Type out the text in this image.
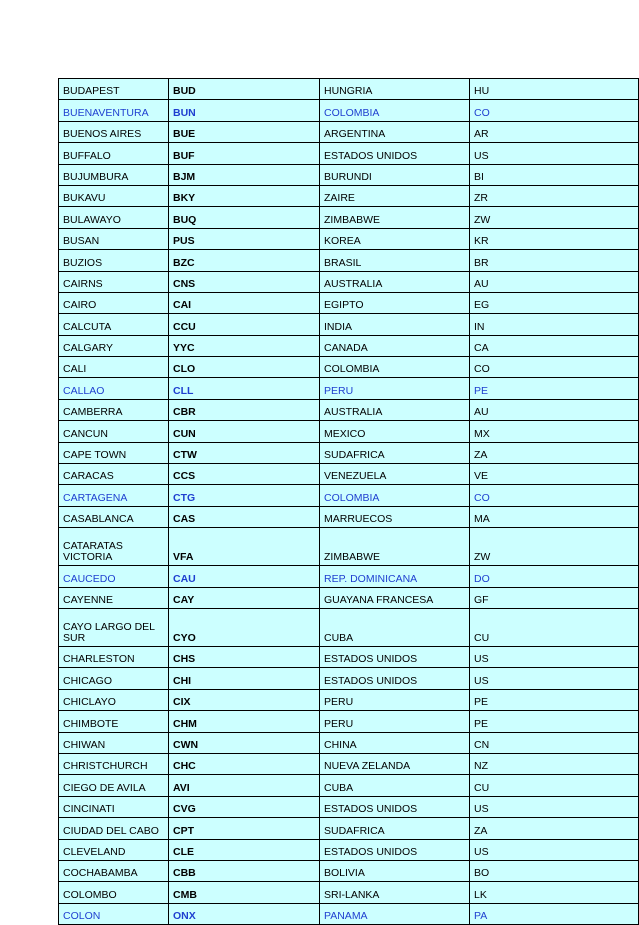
BUDAPEST	BUD	HUNGRIA	HU
BUENAVENTURA	BUN	COLOMBIA	CO
BUENOS AIRES	BUE	ARGENTINA	AR
BUFFALO	BUF	ESTADOS UNIDOS	US
BUJUMBURA	BJM	BURUNDI	BI
BUKAVU	BKY	ZAIRE	ZR
BULAWAYO	BUQ	ZIMBABWE	ZW
BUSAN	PUS	KOREA	KR
BUZIOS	BZC	BRASIL	BR
CAIRNS	CNS	AUSTRALIA	AU
CAIRO	CAI	EGIPTO	EG
CALCUTA	CCU	INDIA	IN
CALGARY	YYC	CANADA	CA
CALI	CLO	COLOMBIA	CO
CALLAO	CLL	PERU	PE
CAMBERRA	CBR	AUSTRALIA	AU
CANCUN	CUN	MEXICO	MX
CAPE TOWN	CTW	SUDAFRICA	ZA
CARACAS	CCS	VENEZUELA	VE
CARTAGENA	CTG	COLOMBIA	CO
CASABLANCA	CAS	MARRUECOS	MA
CATARATAS VICTORIA	VFA	ZIMBABWE	ZW
CAUCEDO	CAU	REP. DOMINICANA	DO
CAYENNE	CAY	GUAYANA FRANCESA	GF
CAYO LARGO DEL SUR	CYO	CUBA	CU
CHARLESTON	CHS	ESTADOS UNIDOS	US
CHICAGO	CHI	ESTADOS UNIDOS	US
CHICLAYO	CIX	PERU	PE
CHIMBOTE	CHM	PERU	PE
CHIWAN	CWN	CHINA	CN
CHRISTCHURCH	CHC	NUEVA ZELANDA	NZ
CIEGO DE AVILA	AVI	CUBA	CU
CINCINATI	CVG	ESTADOS UNIDOS	US
CIUDAD DEL CABO	CPT	SUDAFRICA	ZA
CLEVELAND	CLE	ESTADOS UNIDOS	US
COCHABAMBA	CBB	BOLIVIA	BO
COLOMBO	CMB	SRI-LANKA	LK
COLON	ONX	PANAMA	PA
